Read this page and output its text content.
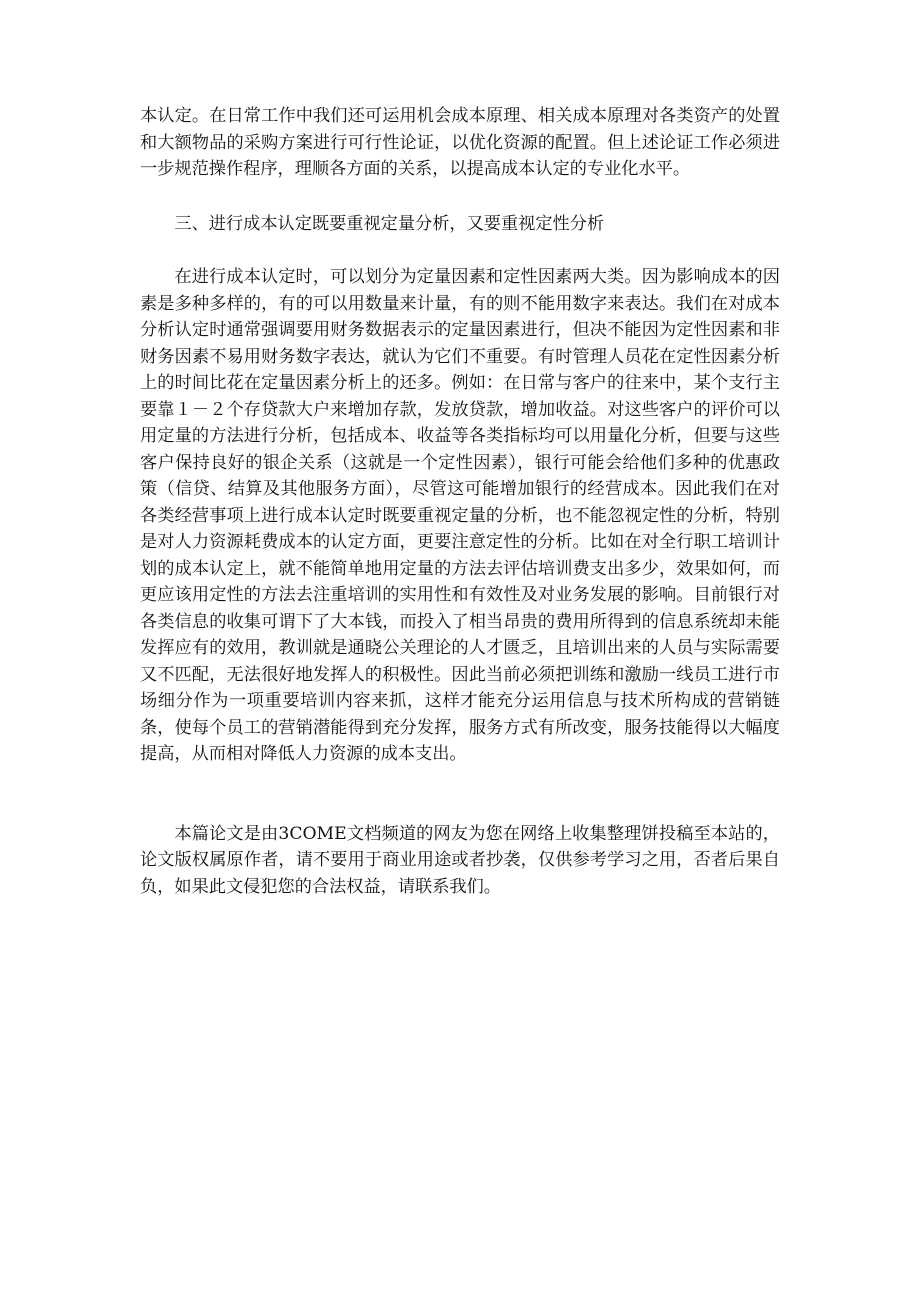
本认定。在日常工作中我们还可运用机会成本原理、相关成本原理对各类资产的处置和大额物品的采购方案进行可行性论证，以优化资源的配置。但上述论证工作必须进一步规范操作程序，理顺各方面的关系，以提高成本认定的专业化水平。

三、进行成本认定既要重视定量分析，又要重视定性分析

在进行成本认定时，可以划分为定量因素和定性因素两大类。因为影响成本的因素是多种多样的，有的可以用数量来计量，有的则不能用数字来表达。我们在对成本分析认定时通常强调要用财务数据表示的定量因素进行，但决不能因为定性因素和非财务因素不易用财务数字表达，就认为它们不重要。有时管理人员花在定性因素分析上的时间比花在定量因素分析上的还多。例如：在日常与客户的往来中，某个支行主要靠１－２个存贷款大户来增加存款，发放贷款，增加收益。对这些客户的评价可以用定量的方法进行分析，包括成本、收益等各类指标均可以用量化分析，但要与这些客户保持良好的银企关系（这就是一个定性因素），银行可能会给他们多种的优惠政策（信贷、结算及其他服务方面），尽管这可能增加银行的经营成本。因此我们在对各类经营事项上进行成本认定时既要重视定量的分析，也不能忽视定性的分析，特别是对人力资源耗费成本的认定方面，更要注意定性的分析。比如在对全行职工培训计划的成本认定上，就不能简单地用定量的方法去评估培训费支出多少，效果如何，而更应该用定性的方法去注重培训的实用性和有效性及对业务发展的影响。目前银行对各类信息的收集可谓下了大本钱，而投入了相当昂贵的费用所得到的信息系统却未能发挥应有的效用，教训就是通晓公关理论的人才匮乏，且培训出来的人员与实际需要又不匹配，无法很好地发挥人的积极性。因此当前必须把训练和激励一线员工进行市场细分作为一项重要培训内容来抓，这样才能充分运用信息与技术所构成的营销链条，使每个员工的营销潜能得到充分发挥，服务方式有所改变，服务技能得以大幅度提高，从而相对降低人力资源的成本支出。

本篇论文是由3COME文档频道的网友为您在网络上收集整理饼投稿至本站的，论文版权属原作者，请不要用于商业用途或者抄袭，仅供参考学习之用，否者后果自负，如果此文侵犯您的合法权益，请联系我们。
